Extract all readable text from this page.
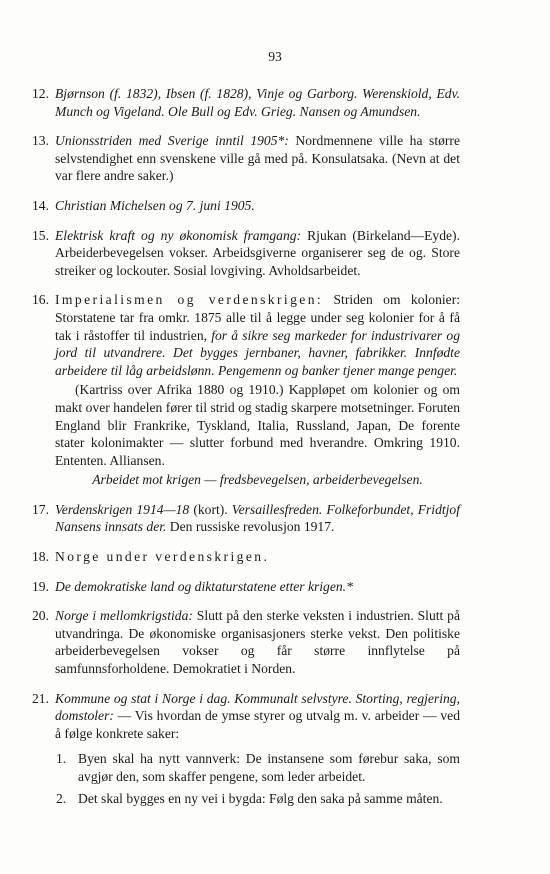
93
12. Bjørnson (f. 1832), Ibsen (f. 1828), Vinje og Garborg. Werenskiold, Edv. Munch og Vigeland. Ole Bull og Edv. Grieg. Nansen og Amundsen.

13. Unionsstriden med Sverige inntil 1905*: Nordmennene ville ha større selvstendighet enn svenskene ville gå med på. Konsulatsaka. (Nevn at det var flere andre saker.)

14. Christian Michelsen og 7. juni 1905.

15. Elektrisk kraft og ny økonomisk framgang: Rjukan (Birkeland—Eyde). Arbeiderbevegelsen vokser. Arbeidsgiverne organiserer seg de og. Store streiker og lockouter. Sosial lovgiving. Avholdsarbeidet.

16. Imperialismen og verdenskrigen: Striden om kolonier: Storstatene tar fra omkr. 1875 alle til å legge under seg kolonier for å få tak i råstoffer til industrien, for å sikre seg markeder for industrivarer og jord til utvandrere. Det bygges jernbaner, havner, fabrikker. Innfødte arbeidere til låg arbeidslønn. Pengemenn og banker tjener mange penger.

(Kartriss over Afrika 1880 og 1910.) Kappløpet om kolonier og om makt over handelen fører til strid og stadig skarpere motsetninger. Foruten England blir Frankrike, Tyskland, Italia, Russland, Japan, De forente stater kolonimakter — slutter forbund med hverandre. Omkring 1910. Ententen. Alliansen.

Arbeidet mot krigen — fredsbevegelsen, arbeiderbevegelsen.

17. Verdenskrigen 1914—18 (kort). Versaillesfreden. Folkeforbundet, Fridtjof Nansens innsats der. Den russiske revolusjon 1917.

18. Norge under verdenskrigen.

19. De demokratiske land og diktaturstatene etter krigen.*

20. Norge i mellomkrigstida: Slutt på den sterke veksten i industrien. Slutt på utvandringa. De økonomiske organisasjoners sterke vekst. Den politiske arbeiderbevegelsen vokser og får større innflytelse på samfunnsforholdene. Demokratiet i Norden.

21. Kommune og stat i Norge i dag. Kommunalt selvstyre. Storting, regjering, domstoler: — Vis hvordan de ymse styrer og utvalg m. v. arbeider — ved å følge konkrete saker:

1. Byen skal ha nytt vannverk: De instansene som førebur saka, som avgjør den, som skaffer pengene, som leder arbeidet.
2. Det skal bygges en ny vei i bygda: Følg den saka på samme måten.
